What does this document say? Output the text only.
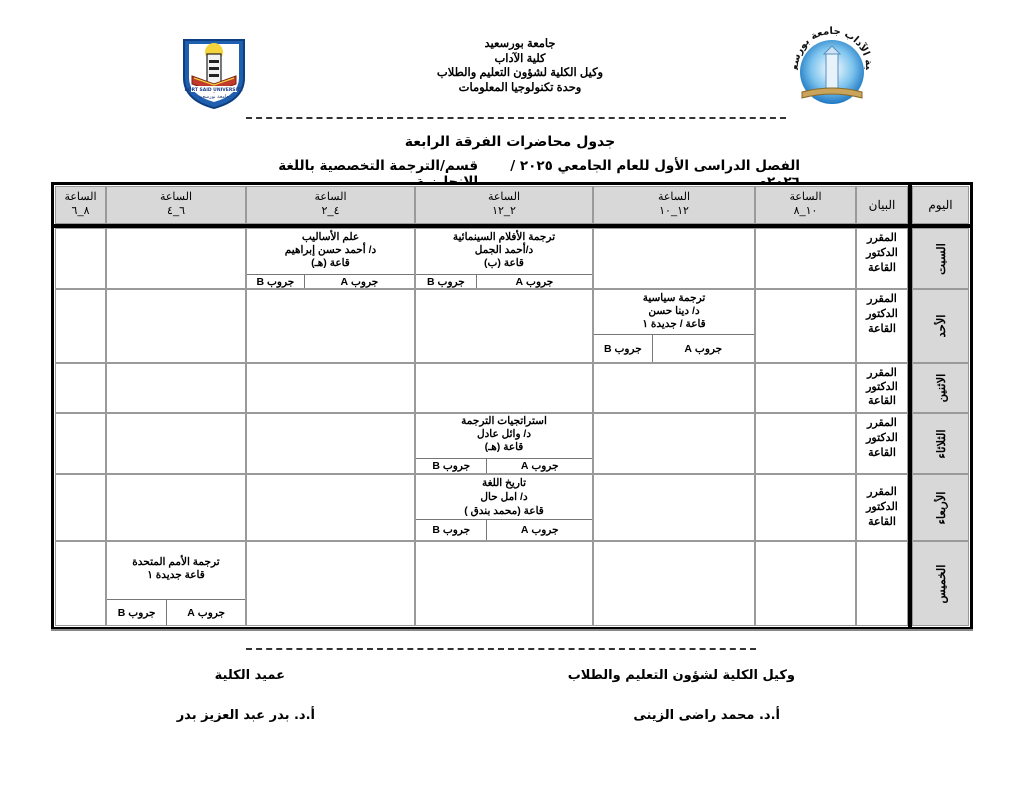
PORT SAID UNIVERSITY
جامعة بورسعيد
جامعة بورسعيد
كلية الآداب
وكيل الكلية لشؤون التعليم والطلاب
وحدة تكنولوجيا المعلومات
ية الآداب جامعة بورسع
جدول محاضرات الفرقة الرابعة
الفصل الدراسى الأول للعام الجامعي ٢٠٢٥ /
قسم/الترجمة التخصصية باللغة
اليوم
البيان
الساعة
١٠_٨
الساعة
١٢_١٠
الساعة
٢_١٢
الساعة
٤_٢
الساعة
٦_٤
الساعة
٨_٦
السبت
الأحد
الاثنين
الثلاثاء
الأربعاء
الخميس
المقرر
الدكتور
القاعة
المقرر
الدكتور
القاعة
المقرر
الدكتور
القاعة
المقرر
الدكتور
القاعة
المقرر
الدكتور
القاعة
ترجمة الأفلام السينمائية
د/أحمد الجمل
قاعة (ب)
جروب A
جروب B
علم الأساليب
د/ أحمد حسن إبراهيم
قاعة (هـ)
جروب A
جروب B
ترجمة سياسية
د/ دينا حسن
قاعة / جديدة ١
جروب A
جروب B
استراتجيات الترجمة
د/ وائل عادل
قاعة (هـ)
جروب A
جروب B
تاريخ اللغة
د/ امل حال
قاعة (محمد بندق )
جروب A
جروب B
ترجمة الأمم المتحدة
قاعة جديدة ١
جروب A
جروب B
وكيل الكلية لشؤون التعليم والطلاب
أ.د. محمد راضى الزينى
عميد الكلية
أ.د. بدر عبد العزيز بدر
